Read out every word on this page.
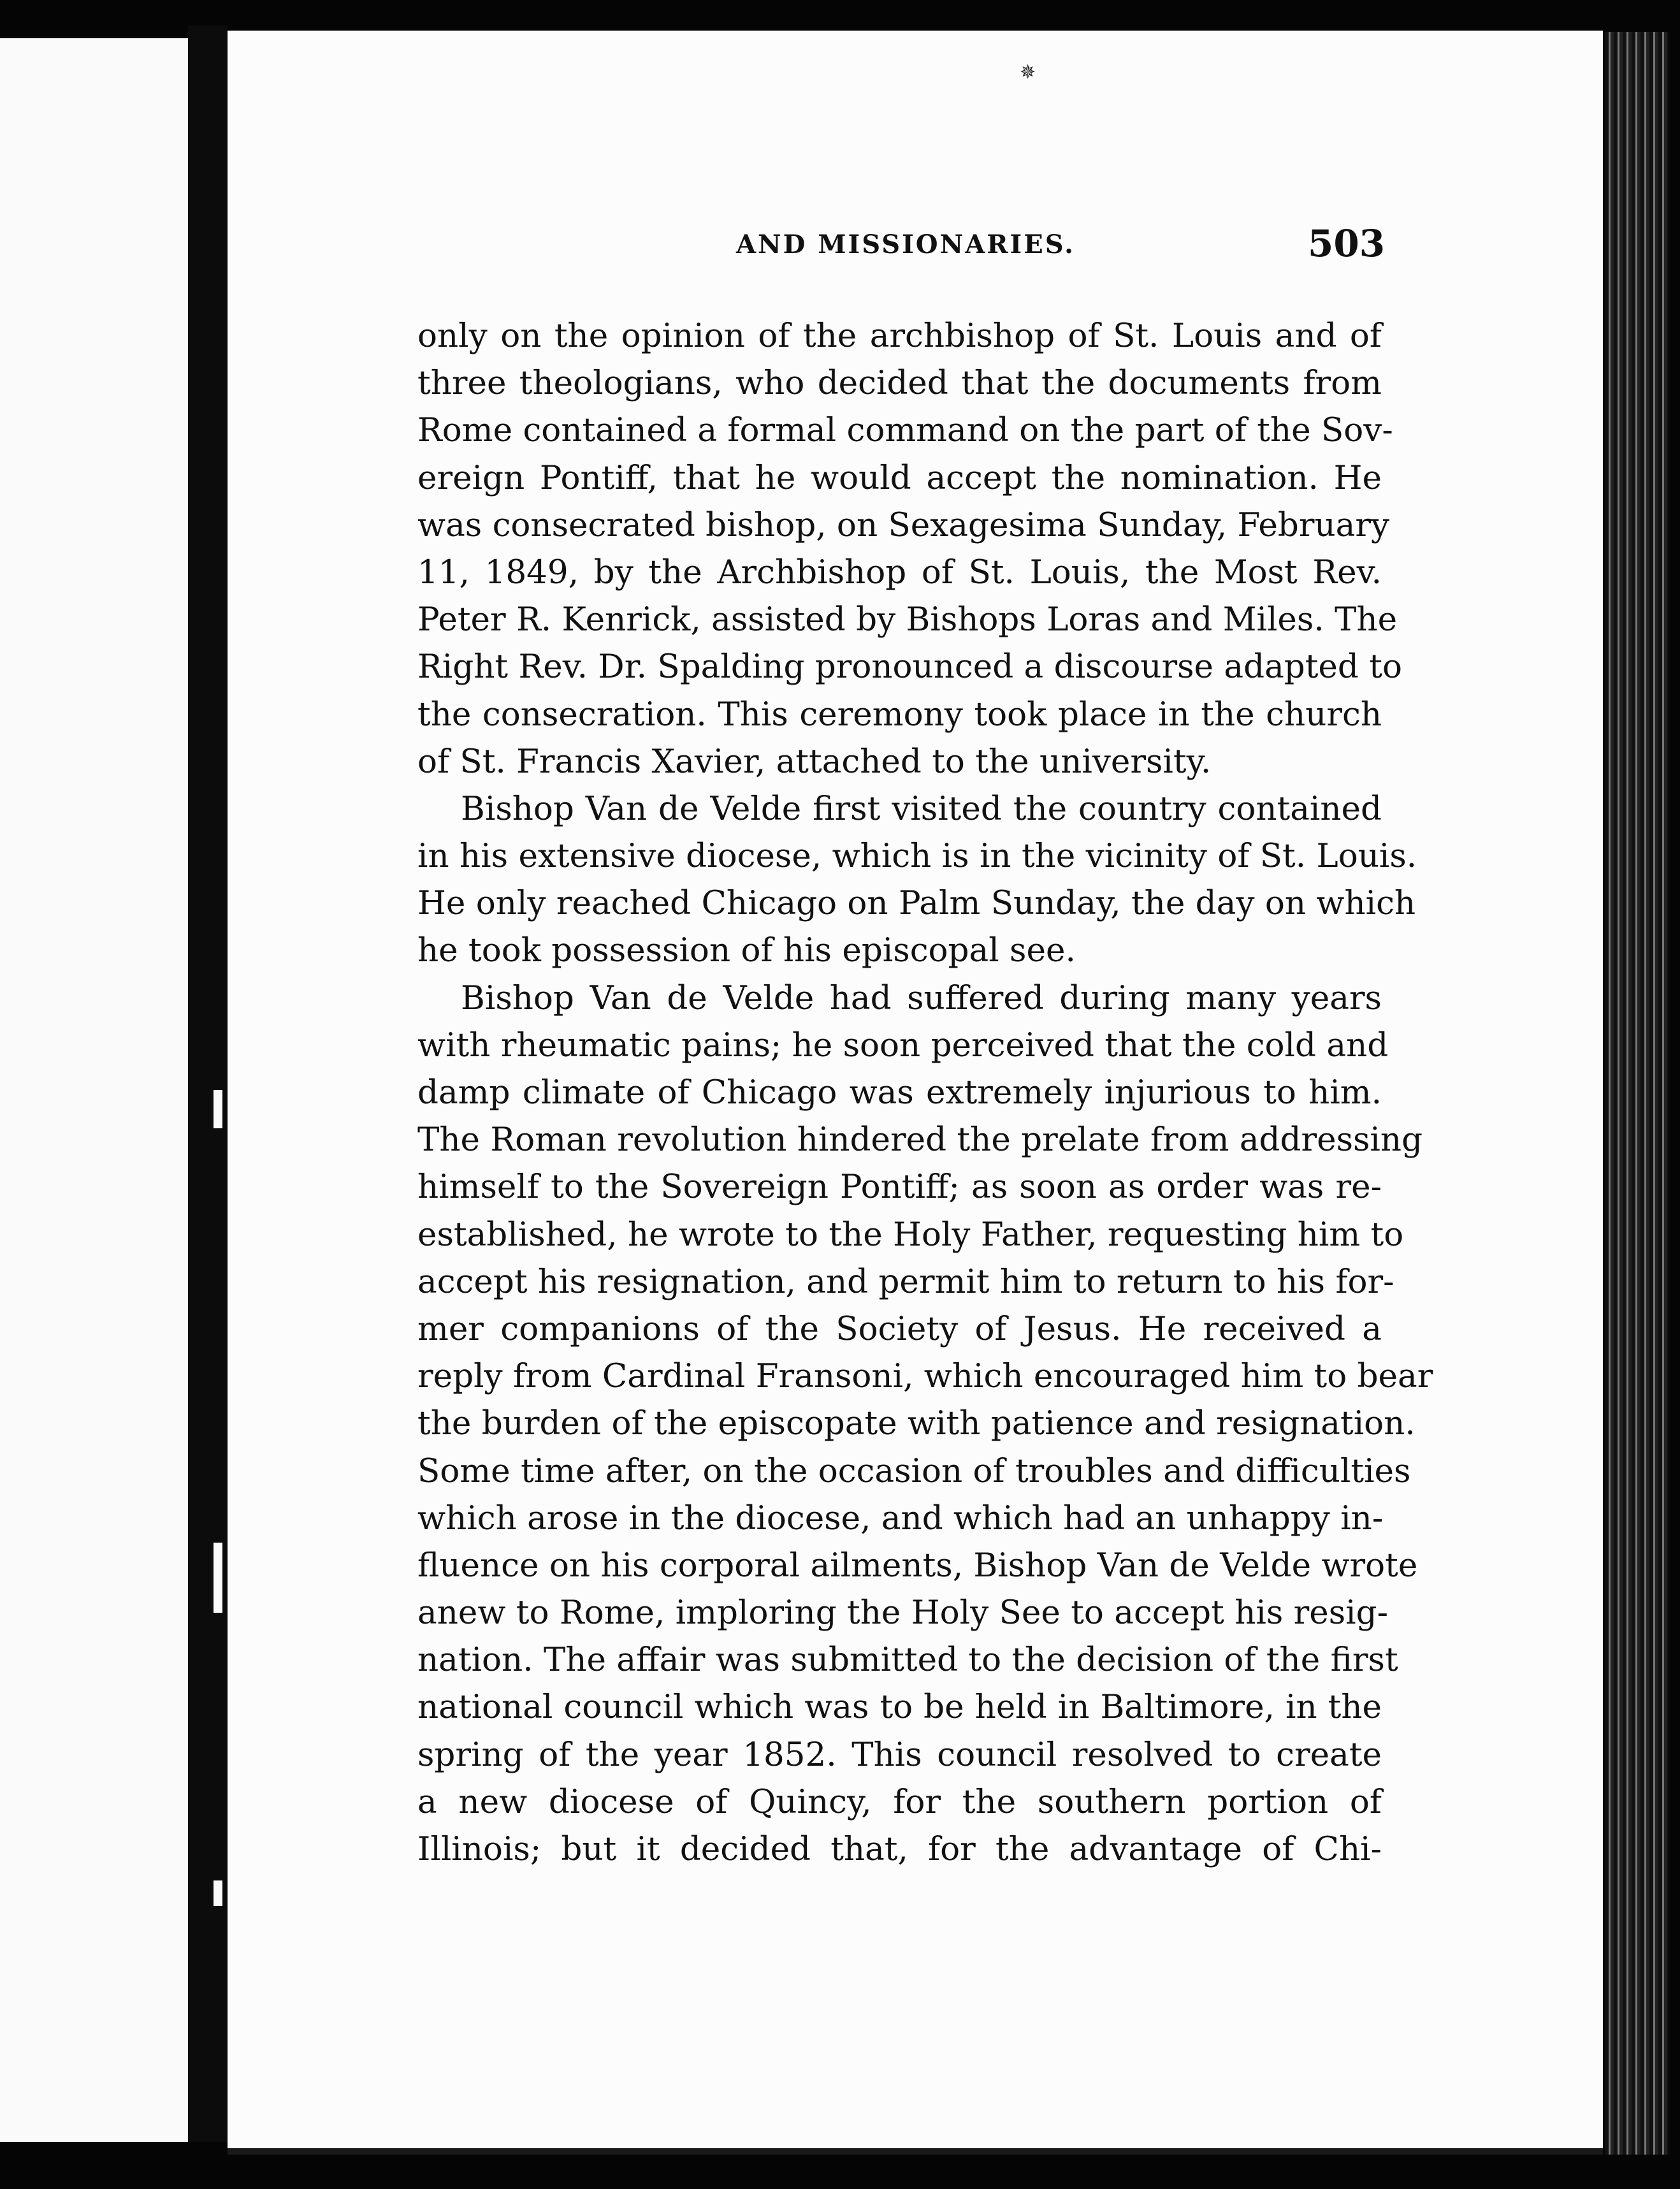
✵
AND MISSIONARIES.	503
only on the opinion of the archbishop of St. Louis and of
three theologians, who decided that the documents from
Rome contained a formal command on the part of the Sov-
ereign Pontiff, that he would accept the nomination. He
was consecrated bishop, on Sexagesima Sunday, February
11, 1849, by the Archbishop of St. Louis, the Most Rev.
Peter R. Kenrick, assisted by Bishops Loras and Miles. The
Right Rev. Dr. Spalding pronounced a discourse adapted to
the consecration. This ceremony took place in the church
of St. Francis Xavier, attached to the university.
Bishop Van de Velde first visited the country contained
in his extensive diocese, which is in the vicinity of St. Louis.
He only reached Chicago on Palm Sunday, the day on which
he took possession of his episcopal see.
Bishop Van de Velde had suffered during many years
with rheumatic pains; he soon perceived that the cold and
damp climate of Chicago was extremely injurious to him.
The Roman revolution hindered the prelate from addressing
himself to the Sovereign Pontiff; as soon as order was re-
established, he wrote to the Holy Father, requesting him to
accept his resignation, and permit him to return to his for-
mer companions of the Society of Jesus. He received a
reply from Cardinal Fransoni, which encouraged him to bear
the burden of the episcopate with patience and resignation.
Some time after, on the occasion of troubles and difficulties
which arose in the diocese, and which had an unhappy in-
fluence on his corporal ailments, Bishop Van de Velde wrote
anew to Rome, imploring the Holy See to accept his resig-
nation. The affair was submitted to the decision of the first
national council which was to be held in Baltimore, in the
spring of the year 1852. This council resolved to create
a new diocese of Quincy, for the southern portion of
Illinois; but it decided that, for the advantage of Chi-
